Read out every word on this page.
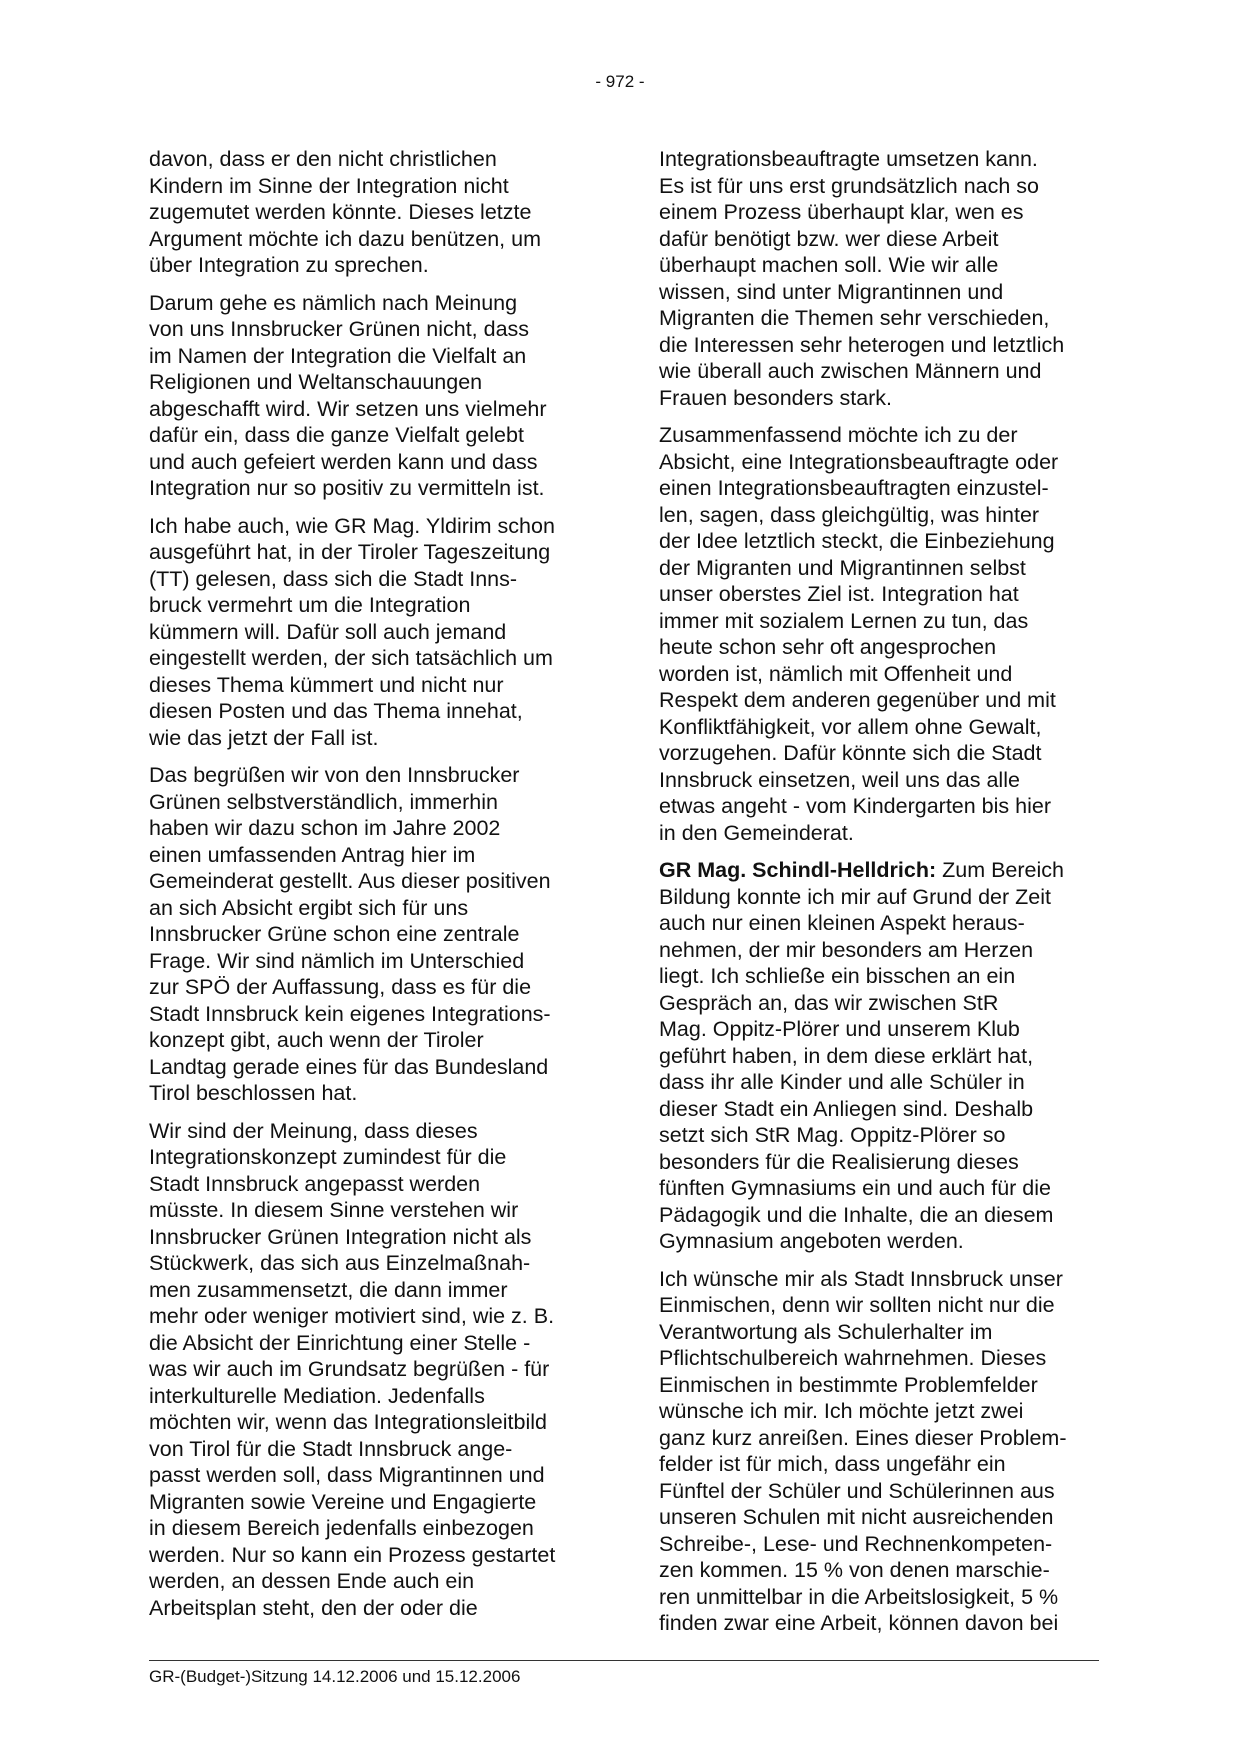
- 972 -

davon, dass er den nicht christlichen
Kindern im Sinne der Integration nicht
zugemutet werden könnte. Dieses letzte
Argument möchte ich dazu benützen, um
über Integration zu sprechen.

Darum gehe es nämlich nach Meinung
von uns Innsbrucker Grünen nicht, dass
im Namen der Integration die Vielfalt an
Religionen und Weltanschauungen
abgeschafft wird. Wir setzen uns vielmehr
dafür ein, dass die ganze Vielfalt gelebt
und auch gefeiert werden kann und dass
Integration nur so positiv zu vermitteln ist.

Ich habe auch, wie GR Mag. Yldirim schon
ausgeführt hat, in der Tiroler Tageszeitung
(TT) gelesen, dass sich die Stadt Inns-
bruck vermehrt um die Integration
kümmern will. Dafür soll auch jemand
eingestellt werden, der sich tatsächlich um
dieses Thema kümmert und nicht nur
diesen Posten und das Thema innehat,
wie das jetzt der Fall ist.

Das begrüßen wir von den Innsbrucker
Grünen selbstverständlich, immerhin
haben wir dazu schon im Jahre 2002
einen umfassenden Antrag hier im
Gemeinderat gestellt. Aus dieser positiven
an sich Absicht ergibt sich für uns
Innsbrucker Grüne schon eine zentrale
Frage. Wir sind nämlich im Unterschied
zur SPÖ der Auffassung, dass es für die
Stadt Innsbruck kein eigenes Integrations-
konzept gibt, auch wenn der Tiroler
Landtag gerade eines für das Bundesland
Tirol beschlossen hat.

Wir sind der Meinung, dass dieses
Integrationskonzept zumindest für die
Stadt Innsbruck angepasst werden
müsste. In diesem Sinne verstehen wir
Innsbrucker Grünen Integration nicht als
Stückwerk, das sich aus Einzelmaßnah-
men zusammensetzt, die dann immer
mehr oder weniger motiviert sind, wie z. B.
die Absicht der Einrichtung einer Stelle -
was wir auch im Grundsatz begrüßen - für
interkulturelle Mediation. Jedenfalls
möchten wir, wenn das Integrationsleitbild
von Tirol für die Stadt Innsbruck ange-
passt werden soll, dass Migrantinnen und
Migranten sowie Vereine und Engagierte
in diesem Bereich jedenfalls einbezogen
werden. Nur so kann ein Prozess gestartet
werden, an dessen Ende auch ein
Arbeitsplan steht, den der oder die

Integrationsbeauftragte umsetzen kann.
Es ist für uns erst grundsätzlich nach so
einem Prozess überhaupt klar, wen es
dafür benötigt bzw. wer diese Arbeit
überhaupt machen soll. Wie wir alle
wissen, sind unter Migrantinnen und
Migranten die Themen sehr verschieden,
die Interessen sehr heterogen und letztlich
wie überall auch zwischen Männern und
Frauen besonders stark.

Zusammenfassend möchte ich zu der
Absicht, eine Integrationsbeauftragte oder
einen Integrationsbeauftragten einzustel-
len, sagen, dass gleichgültig, was hinter
der Idee letztlich steckt, die Einbeziehung
der Migranten und Migrantinnen selbst
unser oberstes Ziel ist. Integration hat
immer mit sozialem Lernen zu tun, das
heute schon sehr oft angesprochen
worden ist, nämlich mit Offenheit und
Respekt dem anderen gegenüber und mit
Konfliktfähigkeit, vor allem ohne Gewalt,
vorzugehen. Dafür könnte sich die Stadt
Innsbruck einsetzen, weil uns das alle
etwas angeht - vom Kindergarten bis hier
in den Gemeinderat.

GR Mag. Schindl-Helldrich: Zum Bereich
Bildung konnte ich mir auf Grund der Zeit
auch nur einen kleinen Aspekt heraus-
nehmen, der mir besonders am Herzen
liegt. Ich schließe ein bisschen an ein
Gespräch an, das wir zwischen StR
Mag. Oppitz-Plörer und unserem Klub
geführt haben, in dem diese erklärt hat,
dass ihr alle Kinder und alle Schüler in
dieser Stadt ein Anliegen sind. Deshalb
setzt sich StR Mag. Oppitz-Plörer so
besonders für die Realisierung dieses
fünften Gymnasiums ein und auch für die
Pädagogik und die Inhalte, die an diesem
Gymnasium angeboten werden.

Ich wünsche mir als Stadt Innsbruck unser
Einmischen, denn wir sollten nicht nur die
Verantwortung als Schulerhalter im
Pflichtschulbereich wahrnehmen. Dieses
Einmischen in bestimmte Problemfelder
wünsche ich mir. Ich möchte jetzt zwei
ganz kurz anreißen. Eines dieser Problem-
felder ist für mich, dass ungefähr ein
Fünftel der Schüler und Schülerinnen aus
unseren Schulen mit nicht ausreichenden
Schreibe-, Lese- und Rechnenkompeten-
zen kommen. 15 % von denen marschie-
ren unmittelbar in die Arbeitslosigkeit, 5 %
finden zwar eine Arbeit, können davon bei

GR-(Budget-)Sitzung 14.12.2006 und 15.12.2006
